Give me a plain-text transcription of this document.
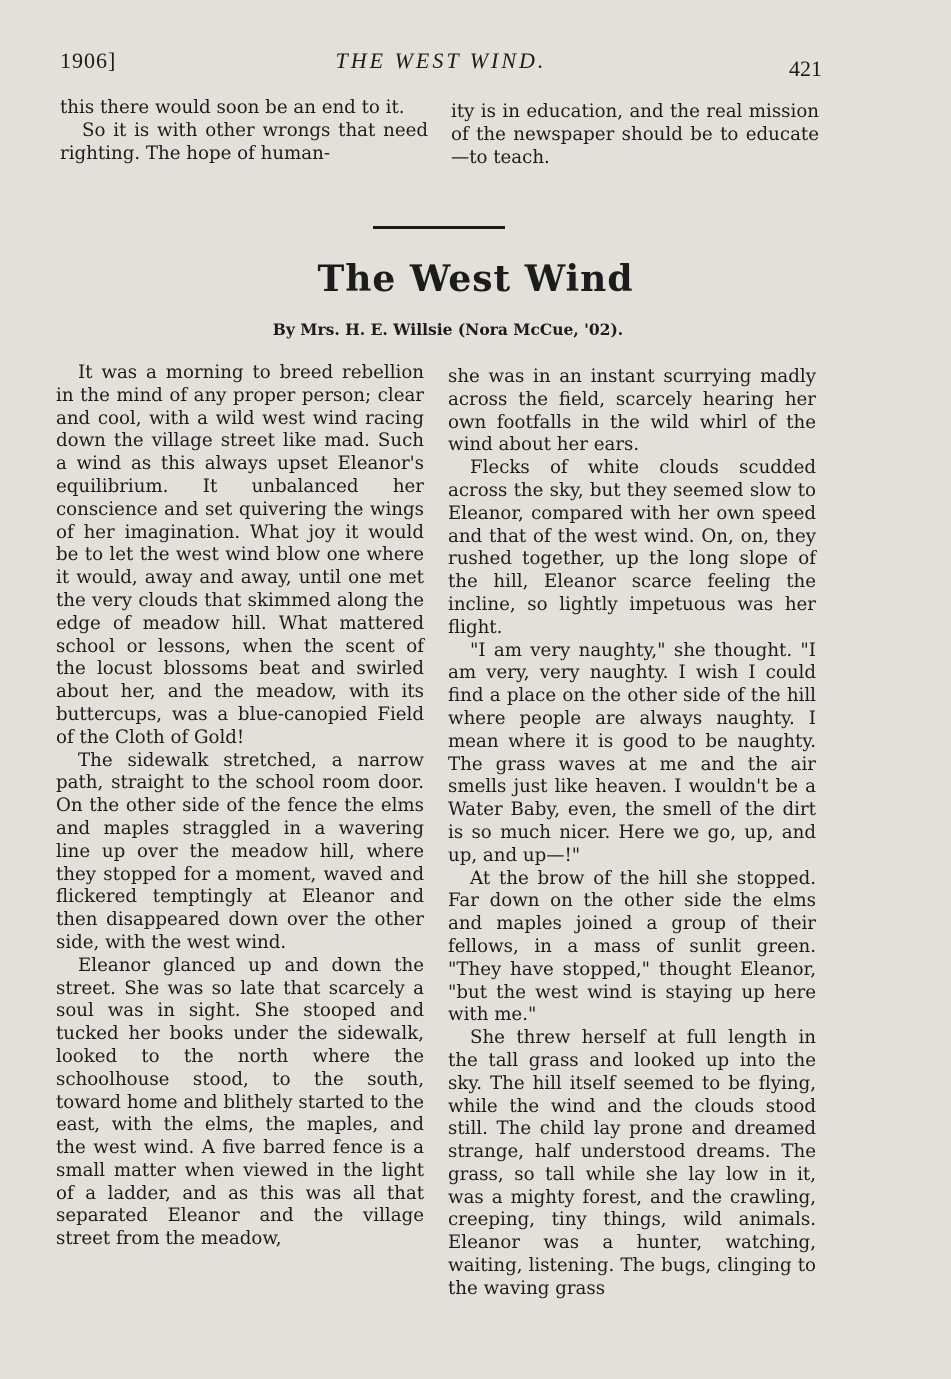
1906]	THE WEST WIND.	421

this there would soon be an end to it.

So it is with other wrongs that need righting. The hope of human-

ity is in education, and the real mission of the newspaper should be to educate—to teach.

The West Wind
By Mrs. H. E. Willsie (Nora McCue, '02).

It was a morning to breed rebellion in the mind of any proper person; clear and cool, with a wild west wind racing down the village street like mad. Such a wind as this always upset Eleanor's equilibrium. It unbalanced her conscience and set quivering the wings of her imagination. What joy it would be to let the west wind blow one where it would, away and away, until one met the very clouds that skimmed along the edge of meadow hill. What mattered school or lessons, when the scent of the locust blossoms beat and swirled about her, and the meadow, with its buttercups, was a blue-canopied Field of the Cloth of Gold!

The sidewalk stretched, a narrow path, straight to the school room door. On the other side of the fence the elms and maples straggled in a wavering line up over the meadow hill, where they stopped for a moment, waved and flickered temptingly at Eleanor and then disappeared down over the other side, with the west wind.

Eleanor glanced up and down the street. She was so late that scarcely a soul was in sight. She stooped and tucked her books under the sidewalk, looked to the north where the schoolhouse stood, to the south, toward home and blithely started to the east, with the elms, the maples, and the west wind. A five barred fence is a small matter when viewed in the light of a ladder, and as this was all that separated Eleanor and the village street from the meadow,

she was in an instant scurrying madly across the field, scarcely hearing her own footfalls in the wild whirl of the wind about her ears.

Flecks of white clouds scudded across the sky, but they seemed slow to Eleanor, compared with her own speed and that of the west wind. On, on, they rushed together, up the long slope of the hill, Eleanor scarce feeling the incline, so lightly impetuous was her flight.

"I am very naughty," she thought. "I am very, very naughty. I wish I could find a place on the other side of the hill where people are always naughty. I mean where it is good to be naughty. The grass waves at me and the air smells just like heaven. I wouldn't be a Water Baby, even, the smell of the dirt is so much nicer. Here we go, up, and up, and up—!"

At the brow of the hill she stopped. Far down on the other side the elms and maples joined a group of their fellows, in a mass of sunlit green. "They have stopped," thought Eleanor, "but the west wind is staying up here with me."

She threw herself at full length in the tall grass and looked up into the sky. The hill itself seemed to be flying, while the wind and the clouds stood still. The child lay prone and dreamed strange, half understood dreams. The grass, so tall while she lay low in it, was a mighty forest, and the crawling, creeping, tiny things, wild animals. Eleanor was a hunter, watching, waiting, listening. The bugs, clinging to the waving grass
